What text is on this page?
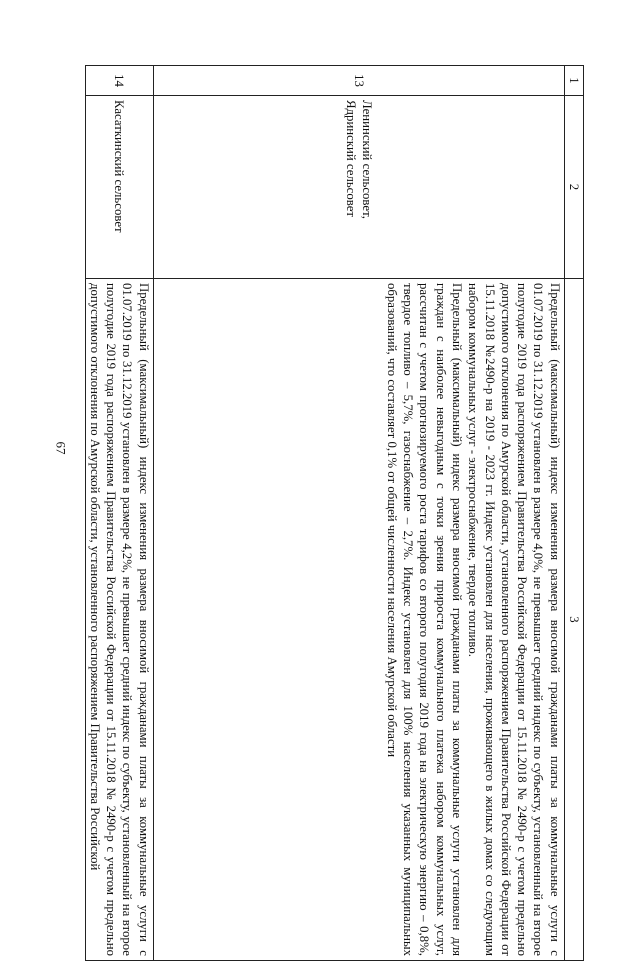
67
1	2	3
13	Ленинский сельсовет, Ядринский сельсовет	Предельный (максимальный) индекс изменения размера вносимой гражданами платы за коммунальные услуги с 01.07.2019 по 31.12.2019 установлен в размере 4,0%, не превышает средний индекс по субъекту, установленный на второе полугодие 2019 года распоряжением Правительства Российской Федерации от 15.11.2018 № 2490-р с учетом предельно допустимого отклонения по Амурской области, установленного распоряжением Правительства Российской Федерации от 15.11.2018 №2490-р на 2019 - 2023 гг. Индекс установлен для населения, проживающего в жилых домах со следующим набором коммунальных услуг - электроснабжение, твердое топливо.

Предельный (максимальный) индекс размера вносимой гражданами платы за коммунальные услуги установлен для граждан с наиболее невыгодным с точки зрения прироста коммунального платежа набором коммунальных услуг, рассчитан с учетом прогнозируемого роста тарифов со второго полугодия 2019 года на электрическую энергию – 0,8%, твердое топливо – 5,7%, газоснабжение – 2,7%. Индекс установлен для 100% населения указанных муниципальных образований, что составляет 0,1% от общей численности населения Амурской области

14	Касаткинский сельсовет	Предельный (максимальный) индекс изменения размера вносимой гражданами платы за коммунальные услуги с 01.07.2019 по 31.12.2019 установлен в размере 4,2%, не превышает средний индекс по субъекту, установленный на второе полугодие 2019 года распоряжением Правительства Российской Федерации от 15.11.2018 № 2490-р с учетом предельно допустимого отклонения по Амурской области, установленного распоряжением Правительства Российской
